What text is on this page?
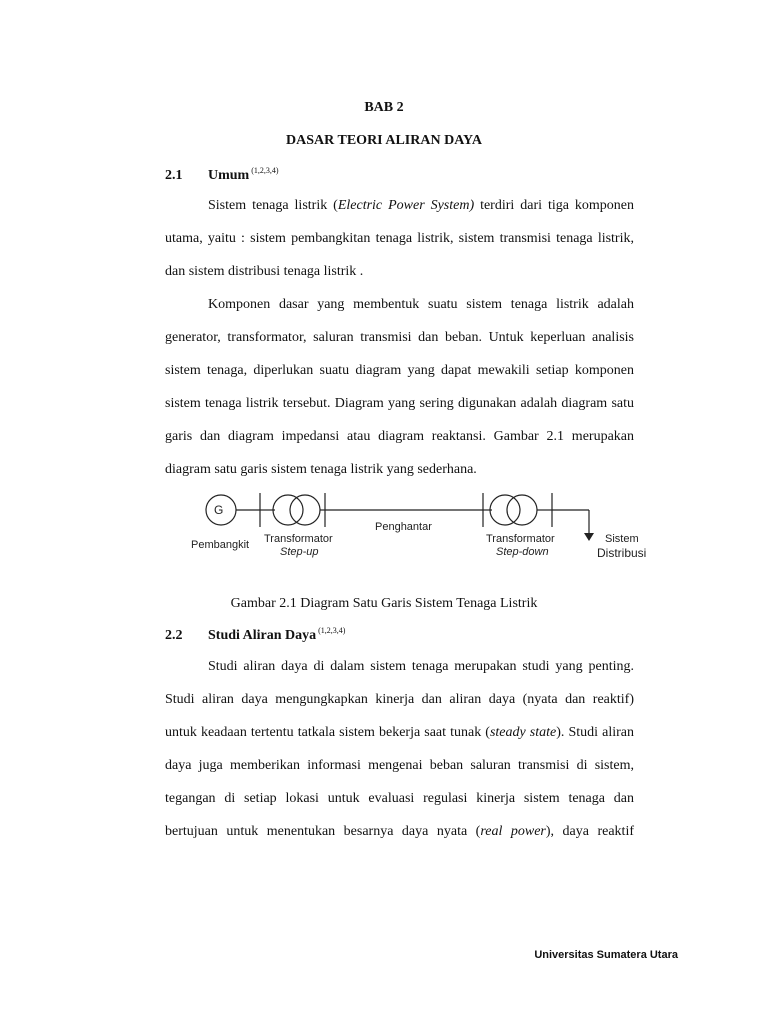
BAB 2
DASAR TEORI ALIRAN DAYA
2.1 Umum $^{(1,2,3,4)}$
Sistem tenaga listrik (Electric Power System) terdiri dari tiga komponen
utama, yaitu : sistem pembangkitan tenaga listrik, sistem transmisi tenaga listrik,
dan sistem distribusi tenaga listrik .
Komponen dasar yang membentuk suatu sistem tenaga listrik adalah
generator, transformator, saluran transmisi dan beban. Untuk keperluan analisis
sistem tenaga, diperlukan suatu diagram yang dapat mewakili setiap komponen
sistem tenaga listrik tersebut. Diagram yang sering digunakan adalah diagram satu
garis dan diagram impedansi atau diagram reaktansi. Gambar 2.1 merupakan
diagram satu garis sistem tenaga listrik yang sederhana.
G
Pembangkit Transformator
Step-up
Penghantar
Transformator
Step-down
Sistem
Distribusi
Gambar 2.1 Diagram Satu Garis Sistem Tenaga Listrik
2.2 Studi Aliran Daya $^{(1,2,3,4)}$
Studi aliran daya di dalam sistem tenaga merupakan studi yang penting.
Studi aliran daya mengungkapkan kinerja dan aliran daya (nyata dan reaktif)
untuk keadaan tertentu tatkala sistem bekerja saat tunak (steady state). Studi aliran
daya juga memberikan informasi mengenai beban saluran transmisi di sistem,
tegangan di setiap lokasi untuk evaluasi regulasi kinerja sistem tenaga dan
bertujuan untuk menentukan besarnya daya nyata (real power), daya reaktif
Universitas Sumatera Utara
